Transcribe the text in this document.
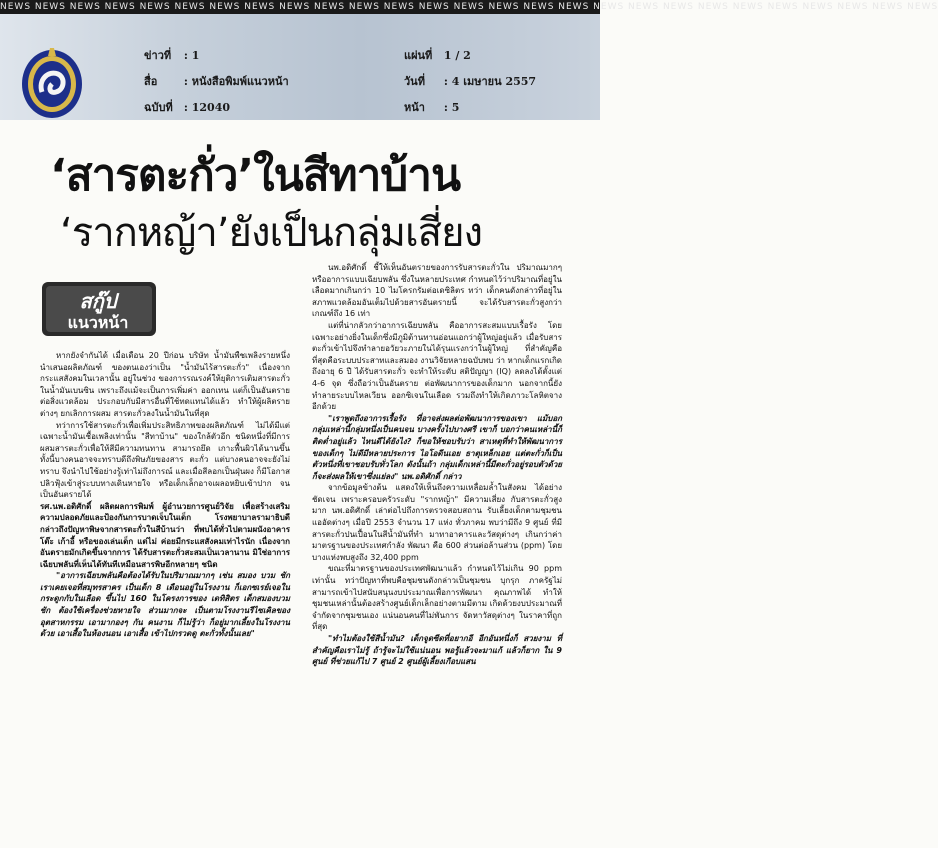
NEWS NEWS NEWS NEWS NEWS NEWS NEWS NEWS NEWS NEWS NEWS NEWS NEWS NEWS NEWS NEWS NEWS NEWS NEWS NEWS NEWS NEWS NEWS NEWS NEWS NEWS NEWS
ข่าวที่ : 1
สื่อ : หนังสือพิมพ์แนวหน้า
ฉบับที่ : 12040
แผ่นที่ 1 / 2
วันที่ : 4 เมษายน 2557
หน้า : 5
‘สารตะกั่ว’ในสีทาบ้าน
‘รากหญ้า’ยังเป็นกลุ่มเสี่ยง
สกู๊ป
แนวหน้า

หากยังจำกันได้ เมื่อเดือน 20 ปีก่อน บริษัท น้ำมันพืชเพลิงรายหนึ่ง นำเสนอผลิตภัณฑ์ ของตนเองว่าเป็น "น้ำมันไร้สารตะกั่ว" เนื่องจากกระแสสังคมในเวลานั้น อยู่ในช่วง ของการรณรงค์ให้ยุติการเติมสารตะกั่วในน้ำมันเบนซิน เพราะถึงแม้จะเป็นการเพิ่มค่า ออกเทน แต่ก็เป็นอันตรายต่อสิ่งแวดล้อม ประกอบกับมีสารอื่นที่ใช้ทดแทนได้แล้ว ทำให้ผู้ผลิตรายต่างๆ ยกเลิกการผสม สารตะกั่วลงในน้ำมันในที่สุด

ทว่าการใช้สารตะกั่วเพื่อเพิ่มประสิทธิภาพของผลิตภัณฑ์ ไม่ได้มีแต่เฉพาะน้ำมันเชื้อเพลิงเท่านั้น "สีทาบ้าน" ของใกล้ตัวอีก ชนิดหนึ่งที่มีการผสมสารตะกั่วเพื่อให้สีมีความทนทาน สามารถยึด เกาะพื้นผิวได้นานขึ้น ทั้งนี้บางคนอาจจะทราบดีถึงพิษภัยของสาร ตะกั่ว แต่บางคนอาจจะยังไม่ทราบ จึงนำไปใช้อย่างรู้เท่าไม่ถึงการณ์ และเมื่อสีลอกเป็นฝุ่นผง ก็มีโอกาสปลิวฟุ้งเข้าสู่ระบบทางเดินหายใจ หรือเด็กเล็กอาจเผลอหยิบเข้าปาก จนเป็นอันตรายได้

รศ.นพ.อดิศักดิ์ ผลิตผลการพิมพ์ ผู้อำนวยการศูนย์วิจัย เพื่อสร้างเสริมความปลอดภัยและป้องกันการบาดเจ็บในเด็ก โรงพยาบาลรามาธิบดี กล่าวถึงปัญหาพิษจากสารตะกั่วในสีบ้านว่า ที่พบได้ทั่วไปตามผนังอาคาร โต๊ะ เก้าอี้ หรือของเล่นเด็ก แต่ไม่ ค่อยมีกระแสสังคมเท่าไรนัก เนื่องจากอันตรายมักเกิดขึ้นจากการ ได้รับสารตะกั่วสะสมเป็นเวลานาน มิใช่อาการเฉียบพลันที่เห็นได้ทันทีเหมือนสารพิษอีกหลายๆ ชนิด

"อาการเฉียบพลันคือต้องได้รับในปริมาณมากๆ เช่น สมอง บวม ชัก เราเคยเจอที่สมุทรสาคร เป็นเด็ก 8 เดือนอยู่ในโรงงาน ก็เอกซเรย์เจอในกระดูกกับในเลือด ขึ้นไป 160 ในโครงการของ เดทิสิตร เด็กสมองบวม ชัก ต้องใช้เครื่องช่วยหายใจ ส่วนมากจะ เป็นตามโรงงานรีไซเคิลของอุตสาหกรรม เอามากองๆ กัน คนงาน ก็ไม่รู้ว่า ก็อยู่มากเลี้ยงในโรงงานด้วย เอาเสื้อในห้องนอน เอาเสื้อ เข้าไปกรวดดู ตะกั่วทั้งนั้นเลย"

นพ.อดิศักดิ์ ชี้ให้เห็นอันตรายของการรับสารตะกั่วใน ปริมาณมากๆ หรืออาการแบบเฉียบพลัน ซึ่งในหลายประเทศ กำหนดไว้ว่าปริมาณที่อยู่ในเลือดมากเกินกว่า 10 ไมโครกรัมต่อเดซิลิตร ทว่า เด็กคนดังกล่าวที่อยู่ในสภาพแวดล้อมอันเต็มไปด้วยสารอันตรายนี้ จะได้รับสารตะกั่วสูงกว่าเกณฑ์ถึง 16 เท่า

แต่ที่น่ากลัวกว่าอาการเฉียบพลัน คืออาการสะสมแบบเรื้อรัง โดยเฉพาะอย่างยิ่งในเด็กซึ่งมีภูมิต้านทานอ่อนแอกว่าผู้ใหญ่อยู่แล้ว เมื่อรับสารตะกั่วเข้าไปจึงทำลายอวัยวะภายในได้รุนแรงกว่าในผู้ใหญ่ ที่สำคัญคือที่สุดคือระบบประสาทและสมอง งานวิจัยหลายฉบับพบ ว่า หากเด็กแรกเกิดถึงอายุ 6 ปี ได้รับสารตะกั่ว จะทำให้ระดับ สติปัญญา (IQ) ลดลงได้ตั้งแต่ 4-6 จุด ซึ่งถือว่าเป็นอันตราย ต่อพัฒนาการของเด็กมาก นอกจากนี้ยังทำลายระบบไหลเวียน ออกซิเจนในเลือด รวมถึงทำให้เกิดภาวะโลหิตจางอีกด้วย

"เราพูดถึงอาการเรื้อรัง ที่อาจส่งผลต่อพัฒนาการของเขา แม้บอกกลุ่มเหล่านี้กลุ่มหนึ่งเป็นคนจน บางครั้งไปบางศรี เขาก็ บอกว่าคนเหล่านี้ก็ติดต่ำอยู่แล้ว ไหนดีได้ยังไง? ก็ขอให้ชอบรับว่า สาเหตุที่ทำให้พัฒนาการของเด็กๆ ไม่ดีมีหลายประการ ไอโอดีนเอย ธาตุเหล็กเอย แต่ตะกั่วก็เป็นตัวหนึ่งที่เขาชอบรับทั่วโลก ดังนั้นถ้า กลุ่มเด็กเหล่านี้มีตะกั่วอยู่รอบตัวด้วย ก็จะส่งผลให้เขาซึ่งแย่ลง" นพ.อดิศักดิ์ กล่าว

จากข้อมูลข้างต้น แสดงให้เห็นถึงความเหลื่อมล้ำในสังคม ได้อย่างชัดเจน เพราะครอบครัวระดับ "รากหญ้า" มีความเสี่ยง กับสารตะกั่วสูงมาก นพ.อดิศักดิ์ เล่าต่อไปถึงการตรวจสอบสถาน รับเลี้ยงเด็กตามชุมชนแออัดต่างๆ เมื่อปี 2553 จำนวน 17 แห่ง ทั่วภาคม พบว่ามีถึง 9 ศูนย์ ที่มีสารตะกั่วปนเปื้อนในสีน้ำมันที่ทำ มาทาอาคารและวัสดุต่างๆ เกินกว่าค่ามาตรฐานของประเทศกำลัง พัฒนา คือ 600 ส่วนต่อล้านส่วน (ppm) โดยบางแห่งพบสูงถึง 32,400 ppm

ขณะที่มาตรฐานของประเทศพัฒนาแล้ว กำหนดไว้ไม่เกิน 90 ppm เท่านั้น ทว่าปัญหาที่พบคือชุมชนดังกล่าวเป็นชุมชน บุกรุก ภาครัฐไม่สามารถเข้าไปสนับสนุนงบประมาณเพื่อการพัฒนา คุณภาพได้ ทำให้ชุมชนเหล่านั้นต้องสร้างศูนย์เด็กเล็กอย่างตามมีตาม เกิดด้วยงบประมาณที่จำกัดจากชุมชนเอง แน่นอนคนที่ไม่พันการ จัดหาวัสดุต่างๆ ในราคาที่ถูกที่สุด

"ทำไมต้องใช้สีน้ำมัน? เด็กจูดซีดที่อยากอี อีกอันหนึ่งก็ สวยงาม ที่สำคัญคือเราไม่รู้ ถ้ารู้จะไม่ใช้แน่นอน พอรู้แล้วจะมาแก้ แล้วก็ยาก ใน 9 ศูนย์ ที่ช่วยแก้ไป 7 ศูนย์ 2 ศูนย์ผู้เลี้ยงเกือบแสน
